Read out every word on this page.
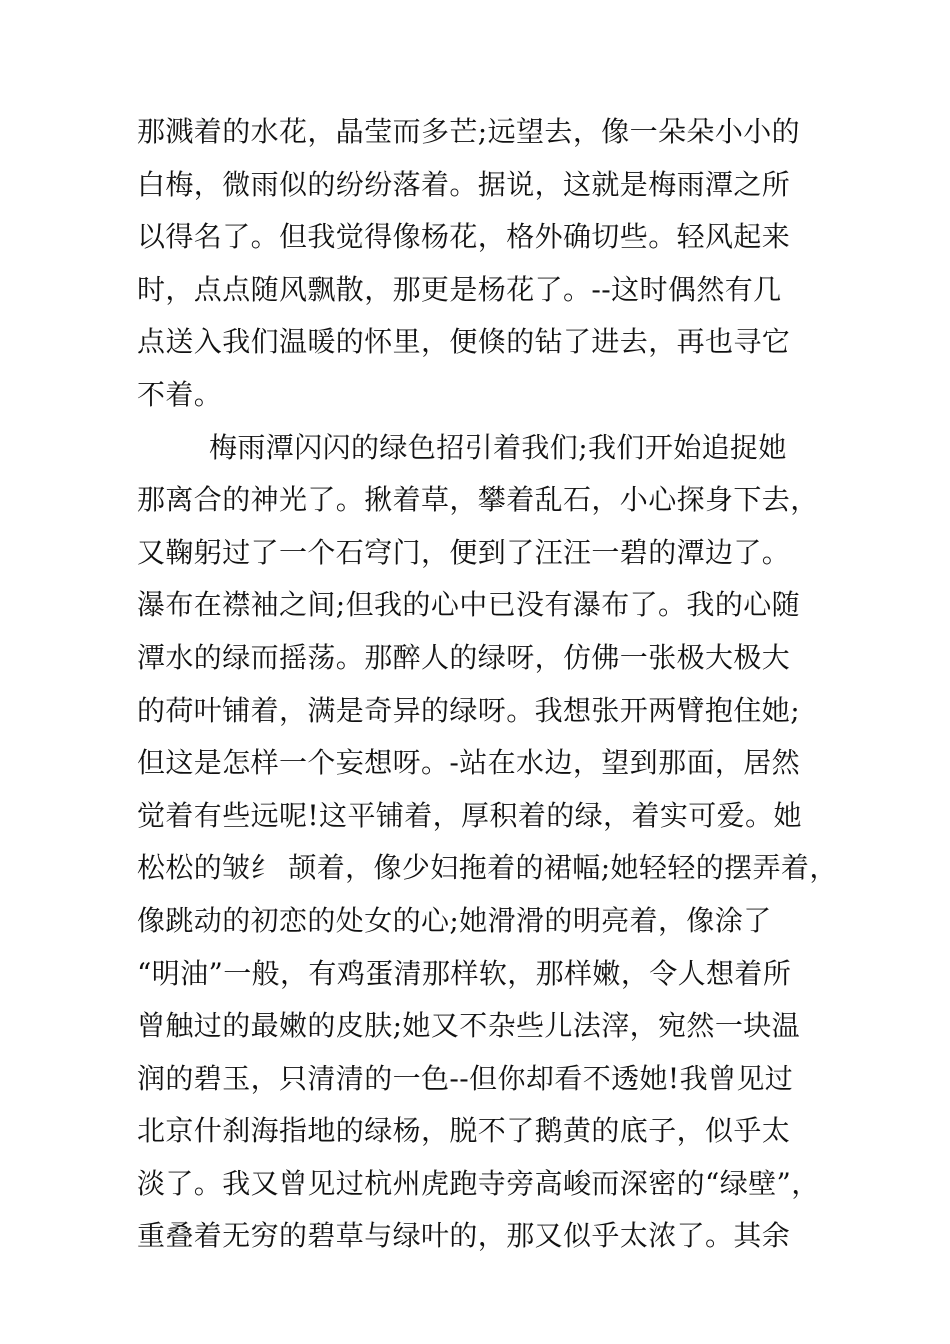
那溅着的水花，晶莹而多芒;远望去，像一朵朵小小的
白梅，微雨似的纷纷落着。据说，这就是梅雨潭之所
以得名了。但我觉得像杨花，格外确切些。轻风起来
时，点点随风飘散，那更是杨花了。--这时偶然有几
点送入我们温暖的怀里，便倏的钻了进去，再也寻它
不着。
梅雨潭闪闪的绿色招引着我们;我们开始追捉她
那离合的神光了。揪着草，攀着乱石，小心探身下去，
又鞠躬过了一个石穹门，便到了汪汪一碧的潭边了。
瀑布在襟袖之间;但我的心中已没有瀑布了。我的心随
潭水的绿而摇荡。那醉人的绿呀，仿佛一张极大极大
的荷叶铺着，满是奇异的绿呀。我想张开两臂抱住她;
但这是怎样一个妄想呀。-站在水边，望到那面，居然
觉着有些远呢!这平铺着，厚积着的绿，着实可爱。她
松松的皱纟 颉着，像少妇拖着的裙幅;她轻轻的摆弄着，
像跳动的初恋的处女的心;她滑滑的明亮着，像涂了
“明油”一般，有鸡蛋清那样软，那样嫩，令人想着所
曾触过的最嫩的皮肤;她又不杂些儿法滓，宛然一块温
润的碧玉，只清清的一色--但你却看不透她!我曾见过
北京什刹海指地的绿杨，脱不了鹅黄的底子，似乎太
淡了。我又曾见过杭州虎跑寺旁高峻而深密的“绿壁”，
重叠着无穷的碧草与绿叶的，那又似乎太浓了。其余
